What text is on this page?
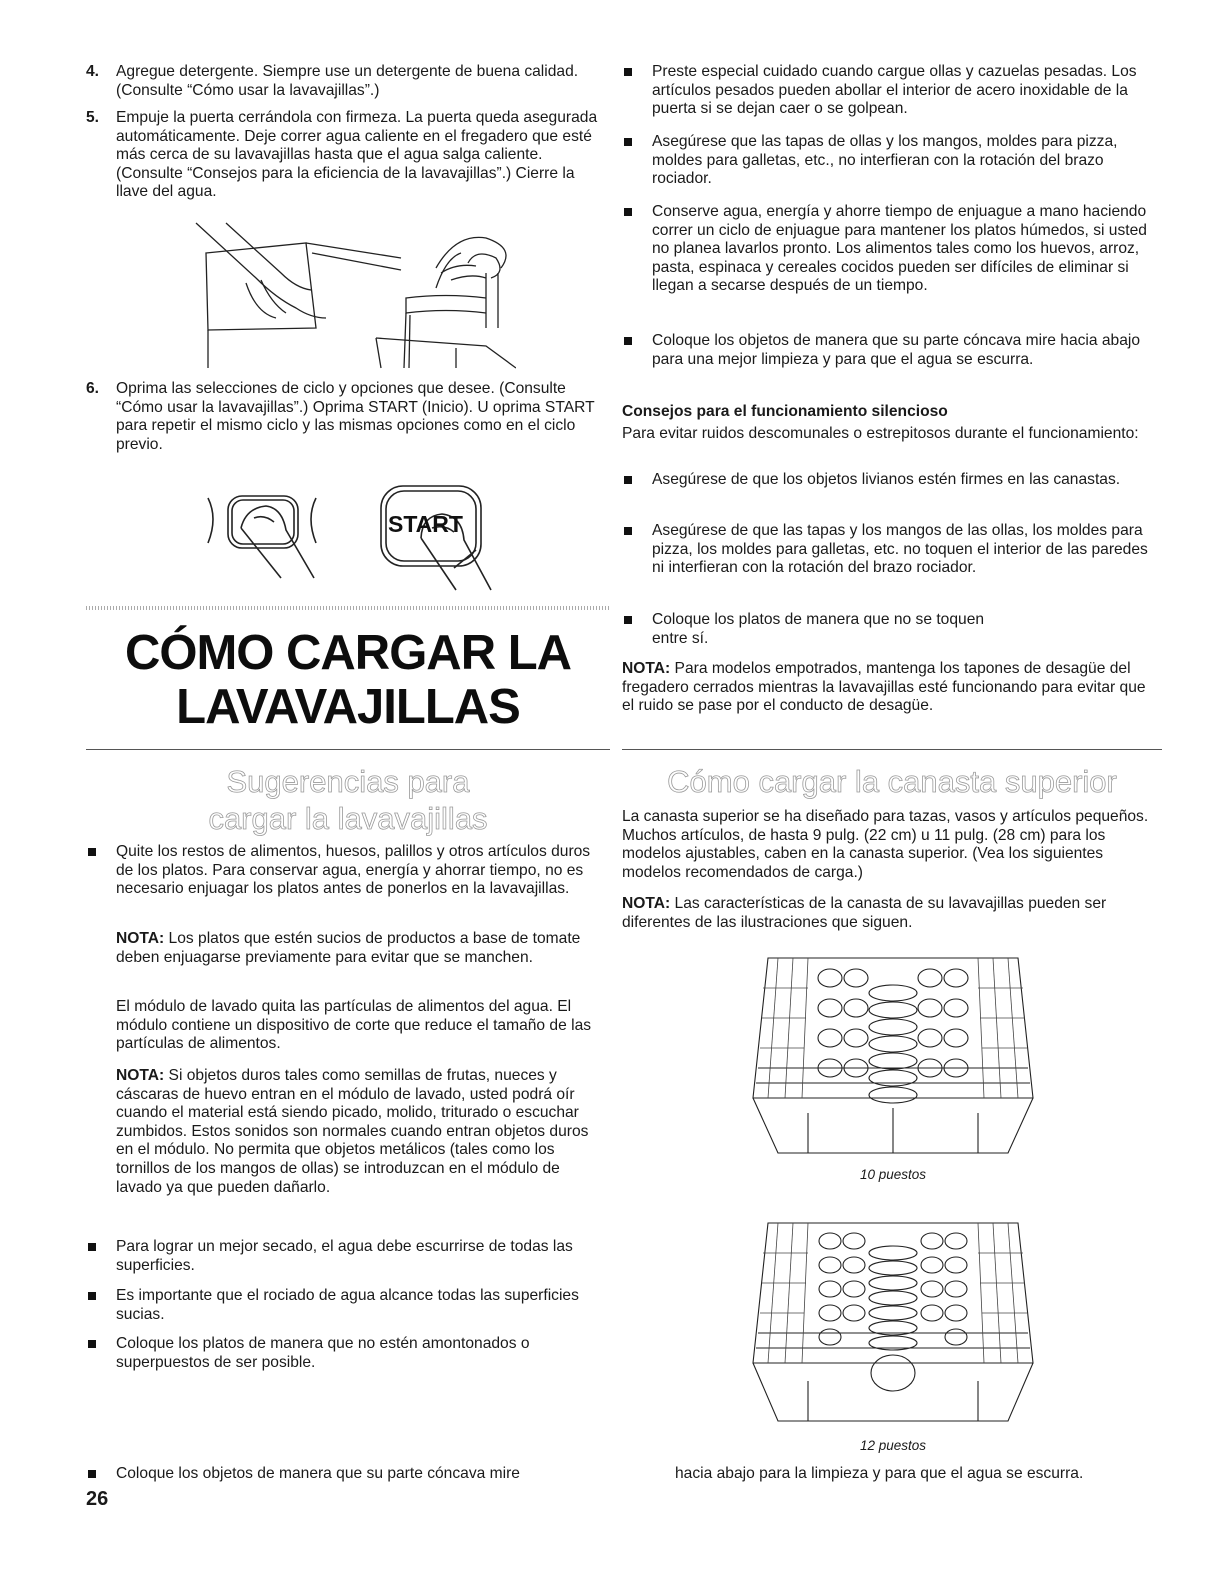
4.	Agregue detergente. Siempre use un detergente de buena calidad. (Consulte “Cómo usar la lavavajillas”.)
5.	Empuje la puerta cerrándola con firmeza. La puerta queda asegurada automáticamente. Deje correr agua caliente en el fregadero que esté más cerca de su lavavajillas hasta que el agua salga caliente. (Consulte “Consejos para la eficiencia de la lavavajillas”.) Cierre la llave del agua.
6.	Oprima las selecciones de ciclo y opciones que desee. (Consulte “Cómo usar la lavavajillas”.) Oprima START (Inicio). U oprima START para repetir el mismo ciclo y las mismas opciones como en el ciclo previo.
START
CÓMO CARGAR LA
LAVAVAJILLAS
Sugerencias para
cargar la lavavajillas
Quite los restos de alimentos, huesos, palillos y otros artículos duros de los platos. Para conservar agua, energía y ahorrar tiempo, no es necesario enjuagar los platos antes de ponerlos en la lavavajillas.
NOTA: Los platos que estén sucios de productos a base de tomate deben enjuagarse previamente para evitar que se manchen.
El módulo de lavado quita las partículas de alimentos del agua. El módulo contiene un dispositivo de corte que reduce el tamaño de las partículas de alimentos.
NOTA: Si objetos duros tales como semillas de frutas, nueces y cáscaras de huevo entran en el módulo de lavado, usted podrá oír cuando el material está siendo picado, molido, triturado o escuchar zumbidos. Estos sonidos son normales cuando entran objetos duros en el módulo. No permita que objetos metálicos (tales como los tornillos de los mangos de ollas) se introduzcan en el módulo de lavado ya que pueden dañarlo.
Para lograr un mejor secado, el agua debe escurrirse de todas las superficies.
Es importante que el rociado de agua alcance todas las superficies sucias.
Coloque los platos de manera que no estén amontonados o superpuestos de ser posible.
Coloque los objetos de manera que su parte cóncava mire
Preste especial cuidado cuando cargue ollas y cazuelas pesadas. Los artículos pesados pueden abollar el interior de acero inoxidable de la puerta si se dejan caer o se golpean.
Asegúrese que las tapas de ollas y los mangos, moldes para pizza, moldes para galletas, etc., no interfieran con la rotación del brazo rociador.
Conserve agua, energía y ahorre tiempo de enjuague a mano haciendo correr un ciclo de enjuague para mantener los platos húmedos, si usted no planea lavarlos pronto. Los alimentos tales como los huevos, arroz, pasta, espinaca y cereales cocidos pueden ser difíciles de eliminar si llegan a secarse después de un tiempo.
Coloque los objetos de manera que su parte cóncava mire hacia abajo para una mejor limpieza y para que el agua se escurra.
Consejos para el funcionamiento silencioso
Para evitar ruidos descomunales o estrepitosos durante el funcionamiento:
Asegúrese de que los objetos livianos estén firmes en las canastas.
Asegúrese de que las tapas y los mangos de las ollas, los moldes para pizza, los moldes para galletas, etc. no toquen el interior de las paredes ni interfieran con la rotación del brazo rociador.
Coloque los platos de manera que no se toquen
entre sí.
NOTA: Para modelos empotrados, mantenga los tapones de desagüe del fregadero cerrados mientras la lavavajillas esté funcionando para evitar que el ruido se pase por el conducto de desagüe.
Cómo cargar la canasta superior
La canasta superior se ha diseñado para tazas, vasos y artículos pequeños. Muchos artículos, de hasta 9 pulg. (22 cm) u 11 pulg. (28 cm) para los modelos ajustables, caben en la canasta superior. (Vea los siguientes modelos recomendados de carga.)
NOTA: Las características de la canasta de su lavavajillas pueden ser diferentes de las ilustraciones que siguen.
10 puestos
12 puestos
hacia abajo para la limpieza y para que el agua se escurra.
26
